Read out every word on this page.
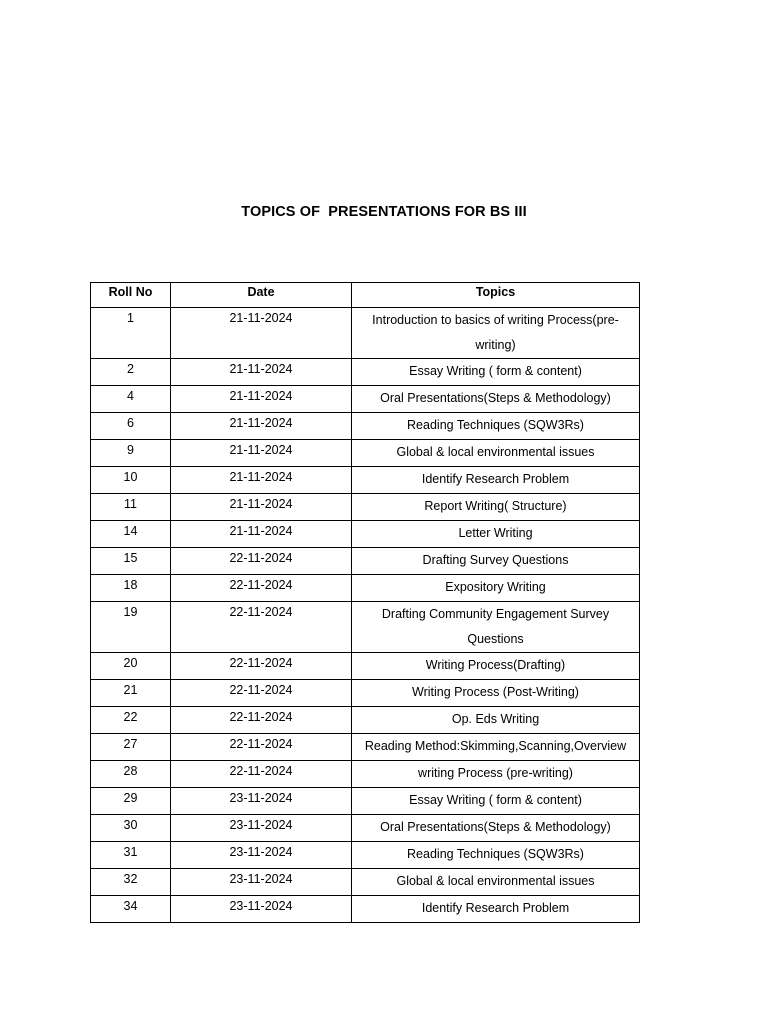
TOPICS OF  PRESENTATIONS FOR BS III
Roll No	Date	Topics
1	21-11-2024	Introduction to basics of writing Process(pre-writing)
2	21-11-2024	Essay Writing ( form & content)
4	21-11-2024	Oral Presentations(Steps & Methodology)
6	21-11-2024	Reading Techniques (SQW3Rs)
9	21-11-2024	Global & local environmental issues
10	21-11-2024	Identify Research Problem
11	21-11-2024	Report Writing( Structure)
14	21-11-2024	Letter Writing
15	22-11-2024	Drafting Survey Questions
18	22-11-2024	Expository Writing
19	22-11-2024	Drafting Community Engagement Survey Questions
20	22-11-2024	Writing Process(Drafting)
21	22-11-2024	Writing Process (Post-Writing)
22	22-11-2024	Op. Eds Writing
27	22-11-2024	Reading Method:Skimming,Scanning,Overview
28	22-11-2024	writing Process (pre-writing)
29	23-11-2024	Essay Writing ( form & content)
30	23-11-2024	Oral Presentations(Steps & Methodology)
31	23-11-2024	Reading Techniques (SQW3Rs)
32	23-11-2024	Global & local environmental issues
34	23-11-2024	Identify Research Problem
